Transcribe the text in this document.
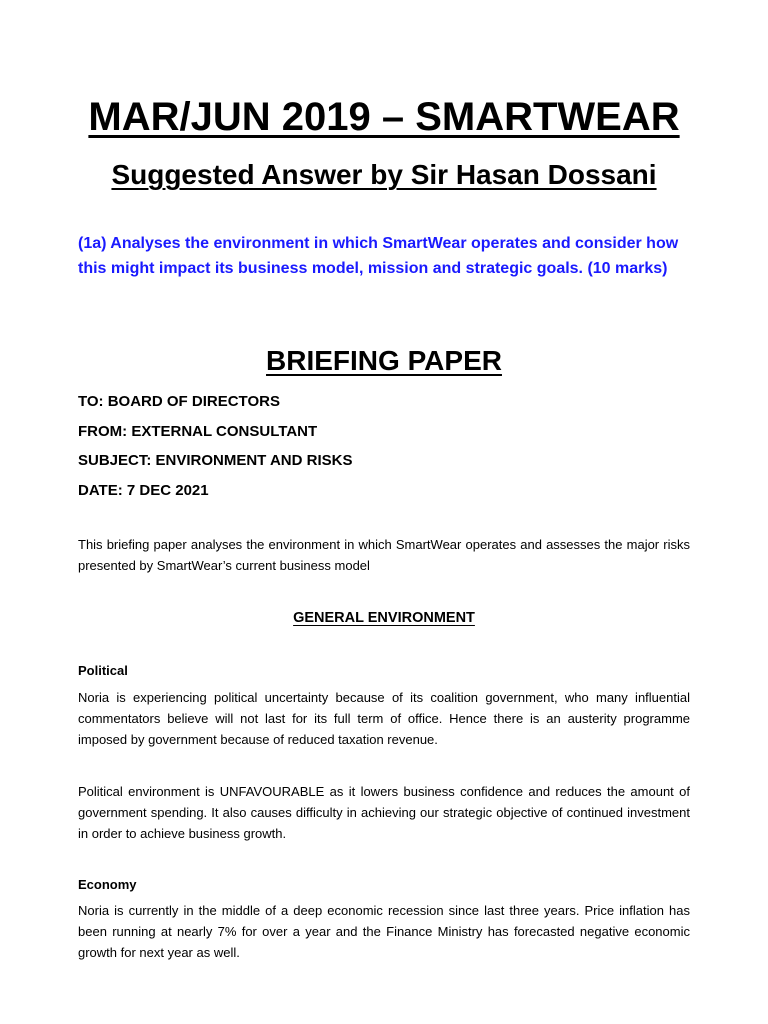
MAR/JUN 2019 – SMARTWEAR
Suggested Answer by Sir Hasan Dossani
(1a) Analyses the environment in which SmartWear operates and consider how this might impact its business model, mission and strategic goals. (10 marks)
BRIEFING PAPER
TO: BOARD OF DIRECTORS
FROM: EXTERNAL CONSULTANT
SUBJECT: ENVIRONMENT AND RISKS
DATE: 7 DEC 2021
This briefing paper analyses the environment in which SmartWear operates and assesses the major risks presented by SmartWear’s current business model
GENERAL ENVIRONMENT
Political
Noria is experiencing political uncertainty because of its coalition government, who many influential commentators believe will not last for its full term of office. Hence there is an austerity programme imposed by government because of reduced taxation revenue.
Political environment is UNFAVOURABLE as it lowers business confidence and reduces the amount of government spending. It also causes difficulty in achieving our strategic objective of continued investment in order to achieve business growth.
Economy
Noria is currently in the middle of a deep economic recession since last three years. Price inflation has been running at nearly 7% for over a year and the Finance Ministry has forecasted negative economic growth for next year as well.
